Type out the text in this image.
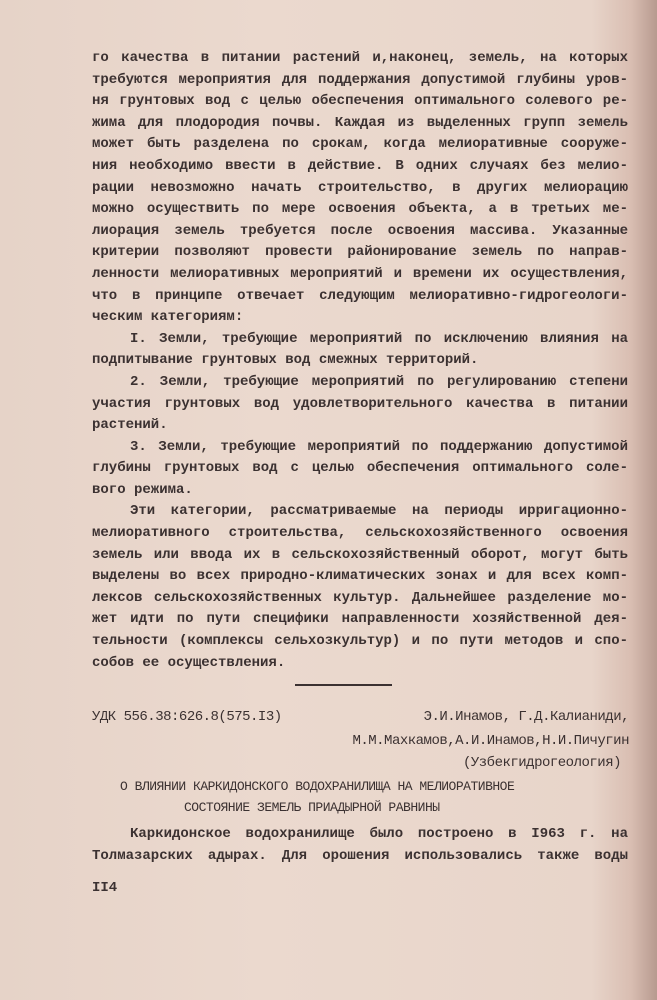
го качества в питании растений и,наконец, земель, на которых
требуются мероприятия для поддержания допустимой глубины уров-
ня грунтовых вод с целью обеспечения оптимального солевого ре-
жима для плодородия почвы. Каждая из выделенных групп земель
может быть разделена по срокам, когда мелиоративные сооруже-
ния необходимо ввести в действие. В одних случаях без мелио-
рации невозможно начать строительство, в других мелиорацию
можно осуществить по мере освоения объекта, а в третьих ме-
лиорация земель требуется после освоения массива. Указанные
критерии позволяют провести районирование земель по направ-
ленности мелиоративных мероприятий и времени их осуществления,
что в принципе отвечает следующим мелиоративно-гидрогеологи-
ческим категориям:
I. Земли, требующие мероприятий по исключению влияния на
подпитывание грунтовых вод смежных территорий.
2. Земли, требующие мероприятий по регулированию степени
участия грунтовых вод удовлетворительного качества в питании
растений.
3. Земли, требующие мероприятий по поддержанию допустимой
глубины грунтовых вод с целью обеспечения оптимального соле-
вого режима.
Эти категории, рассматриваемые на периоды ирригационно-
мелиоративного строительства, сельскохозяйственного освоения
земель или ввода их в сельскохозяйственный оборот, могут быть
выделены во всех природно-климатических зонах и для всех комп-
лексов сельскохозяйственных культур. Дальнейшее разделение мо-
жет идти по пути специфики направленности хозяйственной дея-
тельности (комплексы сельхозкультур) и по пути методов и спо-
собов ее осуществления.
УДК 556.38:626.8(575.I3)	Э.И.Инамов, Г.Д.Калианиди,
М.М.Махкамов,А.И.Инамов,Н.И.Пичугин
(Узбекгидрогеология)
О ВЛИЯНИИ КАРКИДОНСКОГО ВОДОХРАНИЛИЩА НА МЕЛИОРАТИВНОЕ
СОСТОЯНИЕ ЗЕМЕЛЬ ПРИАДЫРНОЙ РАВНИНЫ
Каркидонское водохранилище было построено в I963 г. на
Толмазарских адырах. Для орошения использовались также воды
II4
